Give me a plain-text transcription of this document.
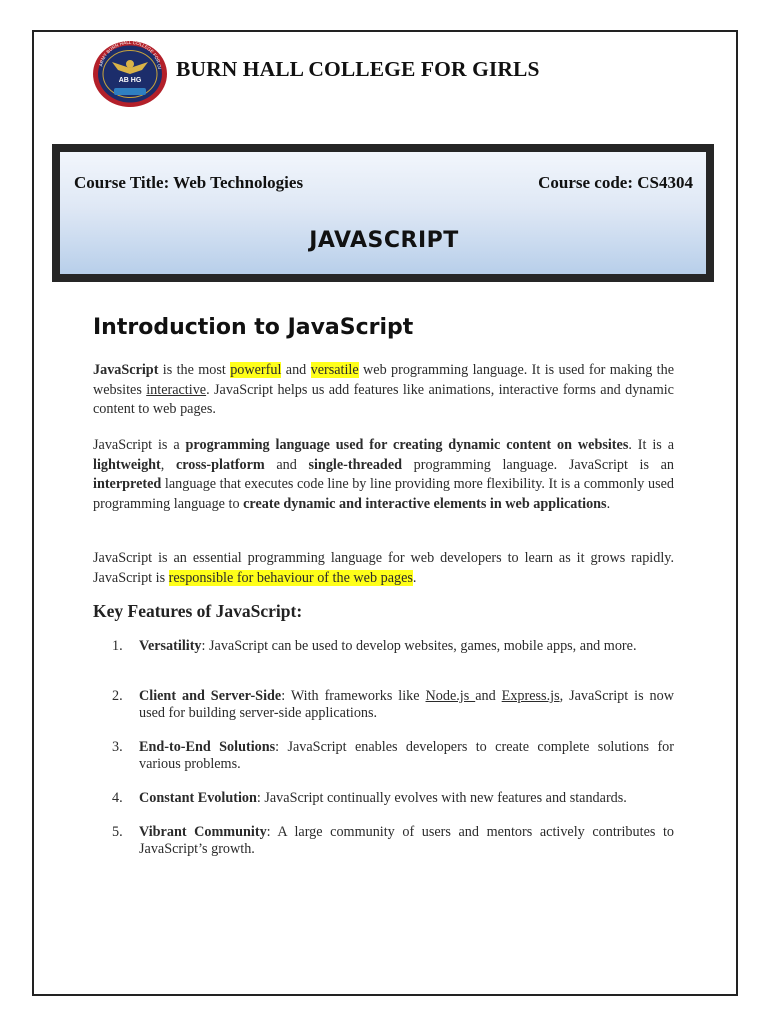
AB HG
ARMY BURN HALL COLLEGE FOR GI BURN HALL COLLEGE FOR GIRLS
Course Title: Web Technologies	Course code: CS4304
JAVASCRIPT
Introduction to JavaScript

JavaScript is the most powerful and versatile web programming language. It is used for making the websites interactive. JavaScript helps us add features like animations, interactive forms and dynamic content to web pages.

JavaScript is a programming language used for creating dynamic content on websites. It is a lightweight, cross-platform and single-threaded programming language. JavaScript is an interpreted language that executes code line by line providing more flexibility. It is a commonly used programming language to create dynamic and interactive elements in web applications.

JavaScript is an essential programming language for web developers to learn as it grows rapidly. JavaScript is responsible for behaviour of the web pages.

Key Features of JavaScript:
1.	Versatility: JavaScript can be used to develop websites, games, mobile apps, and more.
2.	Client and Server-Side: With frameworks like Node.js and Express.js, JavaScript is now used for building server-side applications.
3.	End-to-End Solutions: JavaScript enables developers to create complete solutions for various problems.
4.	Constant Evolution: JavaScript continually evolves with new features and standards.
5.	Vibrant Community: A large community of users and mentors actively contributes to JavaScript’s growth.
